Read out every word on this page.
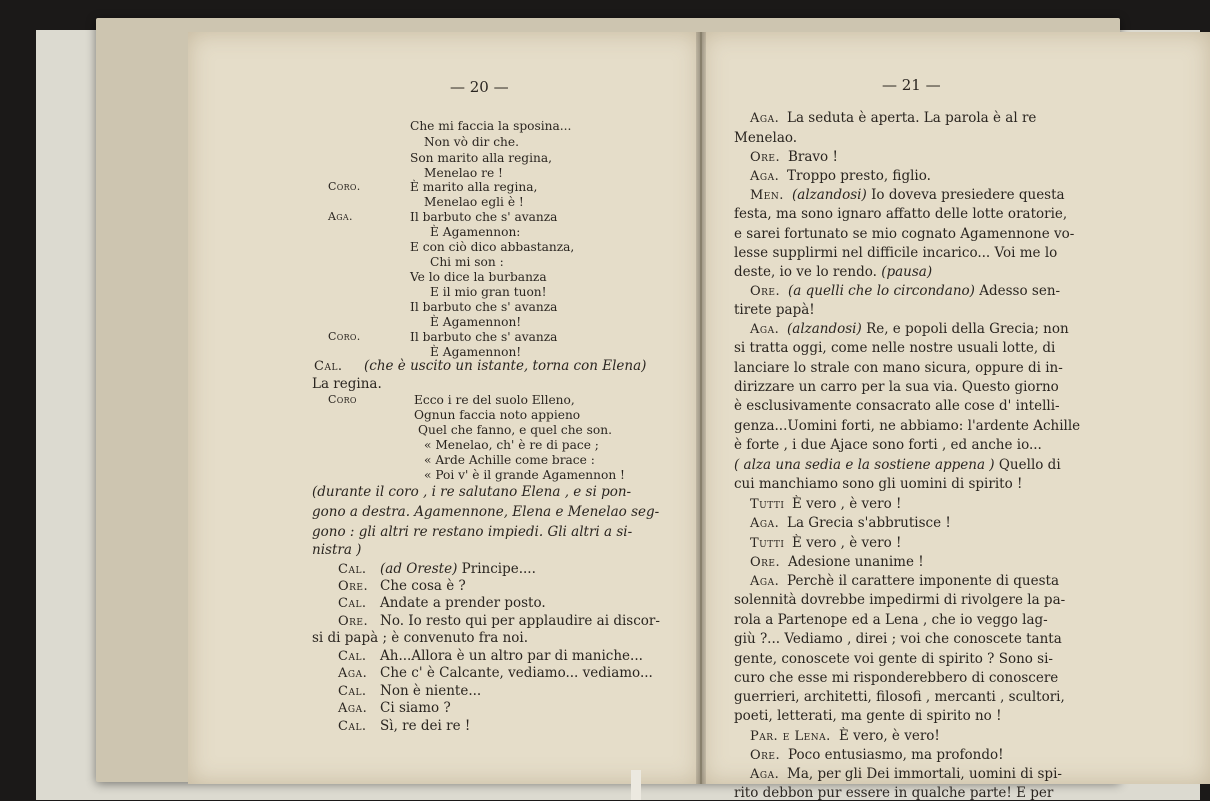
— 20 —
Che mi faccia la sposina...
Non vò dir che.
Son marito alla regina,
Menelao re !
Coro.	È marito alla regina,
Menelao egli è !
Aga.	Il barbuto che s' avanza
È Agamennon:
E con ciò dico abbastanza,
Chi mi son :
Ve lo dice la burbanza
E il mio gran tuon!
Il barbuto che s' avanza
È Agamennon!
Coro.	Il barbuto che s' avanza
È Agamennon!
Cal. (che è uscito un istante, torna con Elena)
La regina.
Coro	Ecco i re del suolo Elleno,
Ognun faccia noto appieno
Quel che fanno, e quel che son.
« Menelao, ch' è re di pace ;
« Arde Achille come brace :
« Poi v' è il grande Agamennon !
(durante il coro , i re salutano Elena , e si pon-
gono a destra. Agamennone, Elena e Menelao seg-
gono : gli altri re restano impiedi. Gli altri a si-
nistra )
Cal. (ad Oreste) Principe....
Ore. Che cosa è ?
Cal. Andate a prender posto.
Ore. No. Io resto qui per applaudire ai discor-
si di papà ; è convenuto fra noi.
Cal. Ah...Allora è un altro par di maniche...
Aga. Che c' è Calcante, vediamo... vediamo...
Cal. Non è niente...
Aga. Ci siamo ?
Cal. Sì, re dei re !
— 21 —
Aga. La seduta è aperta. La parola è al re
Menelao.
Ore. Bravo !
Aga. Troppo presto, figlio.
Men. (alzandosi) Io doveva presiedere questa
festa, ma sono ignaro affatto delle lotte oratorie,
e sarei fortunato se mio cognato Agamennone vo-
lesse supplirmi nel difficile incarico... Voi me lo
deste, io ve lo rendo. (pausa)
Ore. (a quelli che lo circondano) Adesso sen-
tirete papà!
Aga. (alzandosi) Re, e popoli della Grecia; non
si tratta oggi, come nelle nostre usuali lotte, di
lanciare lo strale con mano sicura, oppure di in-
dirizzare un carro per la sua via. Questo giorno
è esclusivamente consacrato alle cose d' intelli-
genza...Uomini forti, ne abbiamo: l'ardente Achille
è forte , i due Ajace sono forti , ed anche io...
( alza una sedia e la sostiene appena ) Quello di
cui manchiamo sono gli uomini di spirito !
Tutti È vero , è vero !
Aga. La Grecia s'abbrutisce !
Tutti È vero , è vero !
Ore. Adesione unanime !
Aga. Perchè il carattere imponente di questa
solennità dovrebbe impedirmi di rivolgere la pa-
rola a Partenope ed a Lena , che io veggo lag-
giù ?... Vediamo , direi ; voi che conoscete tanta
gente, conoscete voi gente di spirito ? Sono si-
curo che esse mi risponderebbero di conoscere
guerrieri, architetti, filosofi , mercanti , scultori,
poeti, letterati, ma gente di spirito no !
Par. e Lena. È vero, è vero!
Ore. Poco entusiasmo, ma profondo!
Aga. Ma, per gli Dei immortali, uomini di spi-
rito debbon pur essere in qualche parte! E per
